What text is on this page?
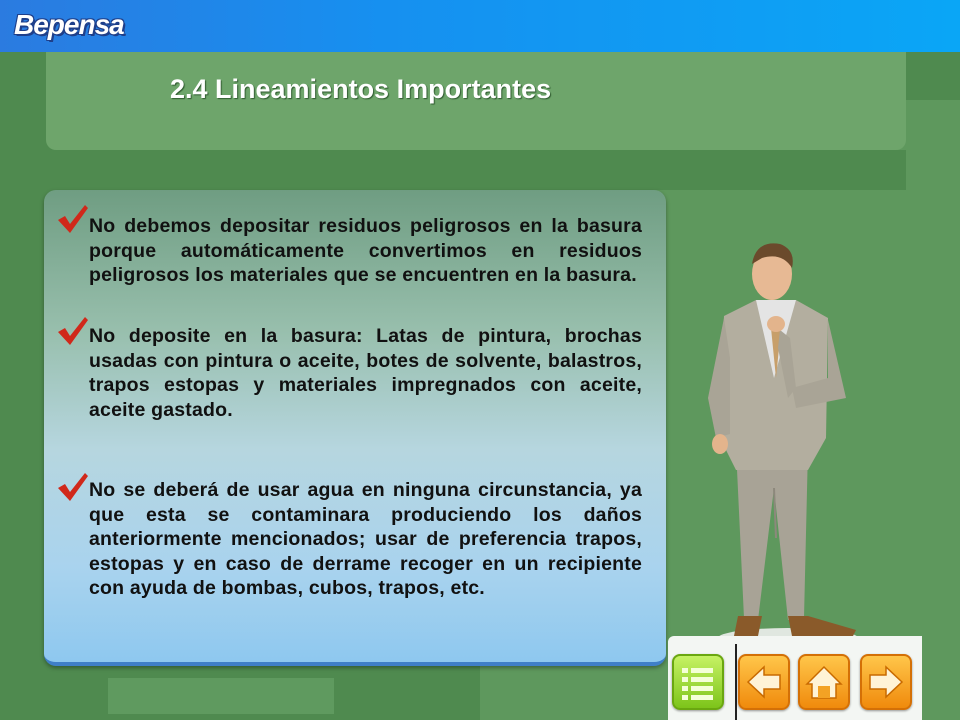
Bepensa
2.4 Lineamientos Importantes
No debemos depositar residuos peligrosos en la basura porque automáticamente convertimos en residuos peligrosos los materiales que se encuentren en la basura.
No deposite en la basura: Latas de pintura, brochas usadas con pintura o aceite, botes de solvente, balastros, trapos estopas y materiales impregnados con aceite, aceite gastado.
No se deberá de usar agua en ninguna circunstancia, ya que esta se contaminara produciendo los daños anteriormente mencionados; usar de preferencia trapos, estopas y en caso de derrame recoger en un recipiente con ayuda de bombas, cubos, trapos, etc.
